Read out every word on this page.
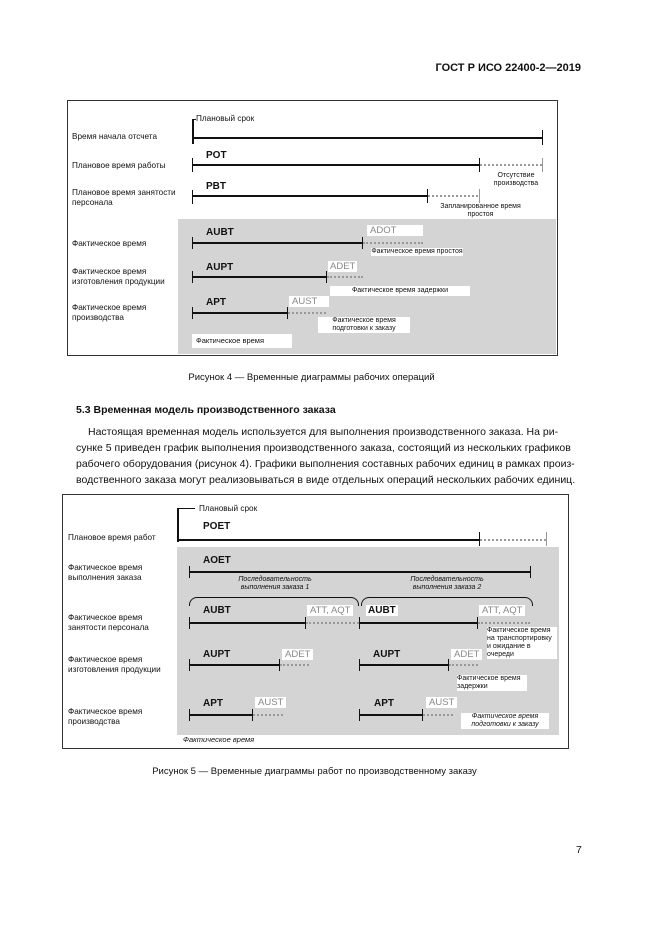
ГОСТ Р ИСО 22400-2—2019
Плановый срок
Время начала отсчета
Плановое время работы
POT
Отсутствие производства
Плановое время занятости персонала
PBT
Запланированное время простоя
Фактическое время
AUBT	ADOT
Фактическое время простоя
Фактическое время изготовления продукции
AUPT	ADET
Фактическое время задержки
Фактическое время производства
APT	AUST
Фактическое время подготовки к заказу
Фактическое время
Рисунок 4 — Временные диаграммы рабочих операций
5.3 Временная модель производственного заказа
Настоящая временная модель используется для выполнения производственного заказа. На ри-
сунке 5 приведен график выполнения производственного заказа, состоящий из нескольких графиков
рабочего оборудования (рисунок 4). Графики выполнения составных рабочих единиц в рамках произ-
водственного заказа могут реализовываться в виде отдельных операций нескольких рабочих единиц.
Плановый срок
Плановое время работ
POET
Фактическое время выполнения заказа
AOET
Последовательность выполнения заказа 1
Последовательность выполнения заказа 2
Фактическое время занятости персонала
AUBT	ATT, AQT	AUBT	ATT, AQT
Фактическое время на транспортировку и ожидание в очереди
Фактическое время изготовления продукции
AUPT	ADET	AUPT	ADET
Фактическое время задержки
Фактическое время производства
APT	AUST	APT	AUST
Фактическое время подготовки к заказу
Фактическое время
Рисунок 5 — Временные диаграммы работ по производственному заказу
7
